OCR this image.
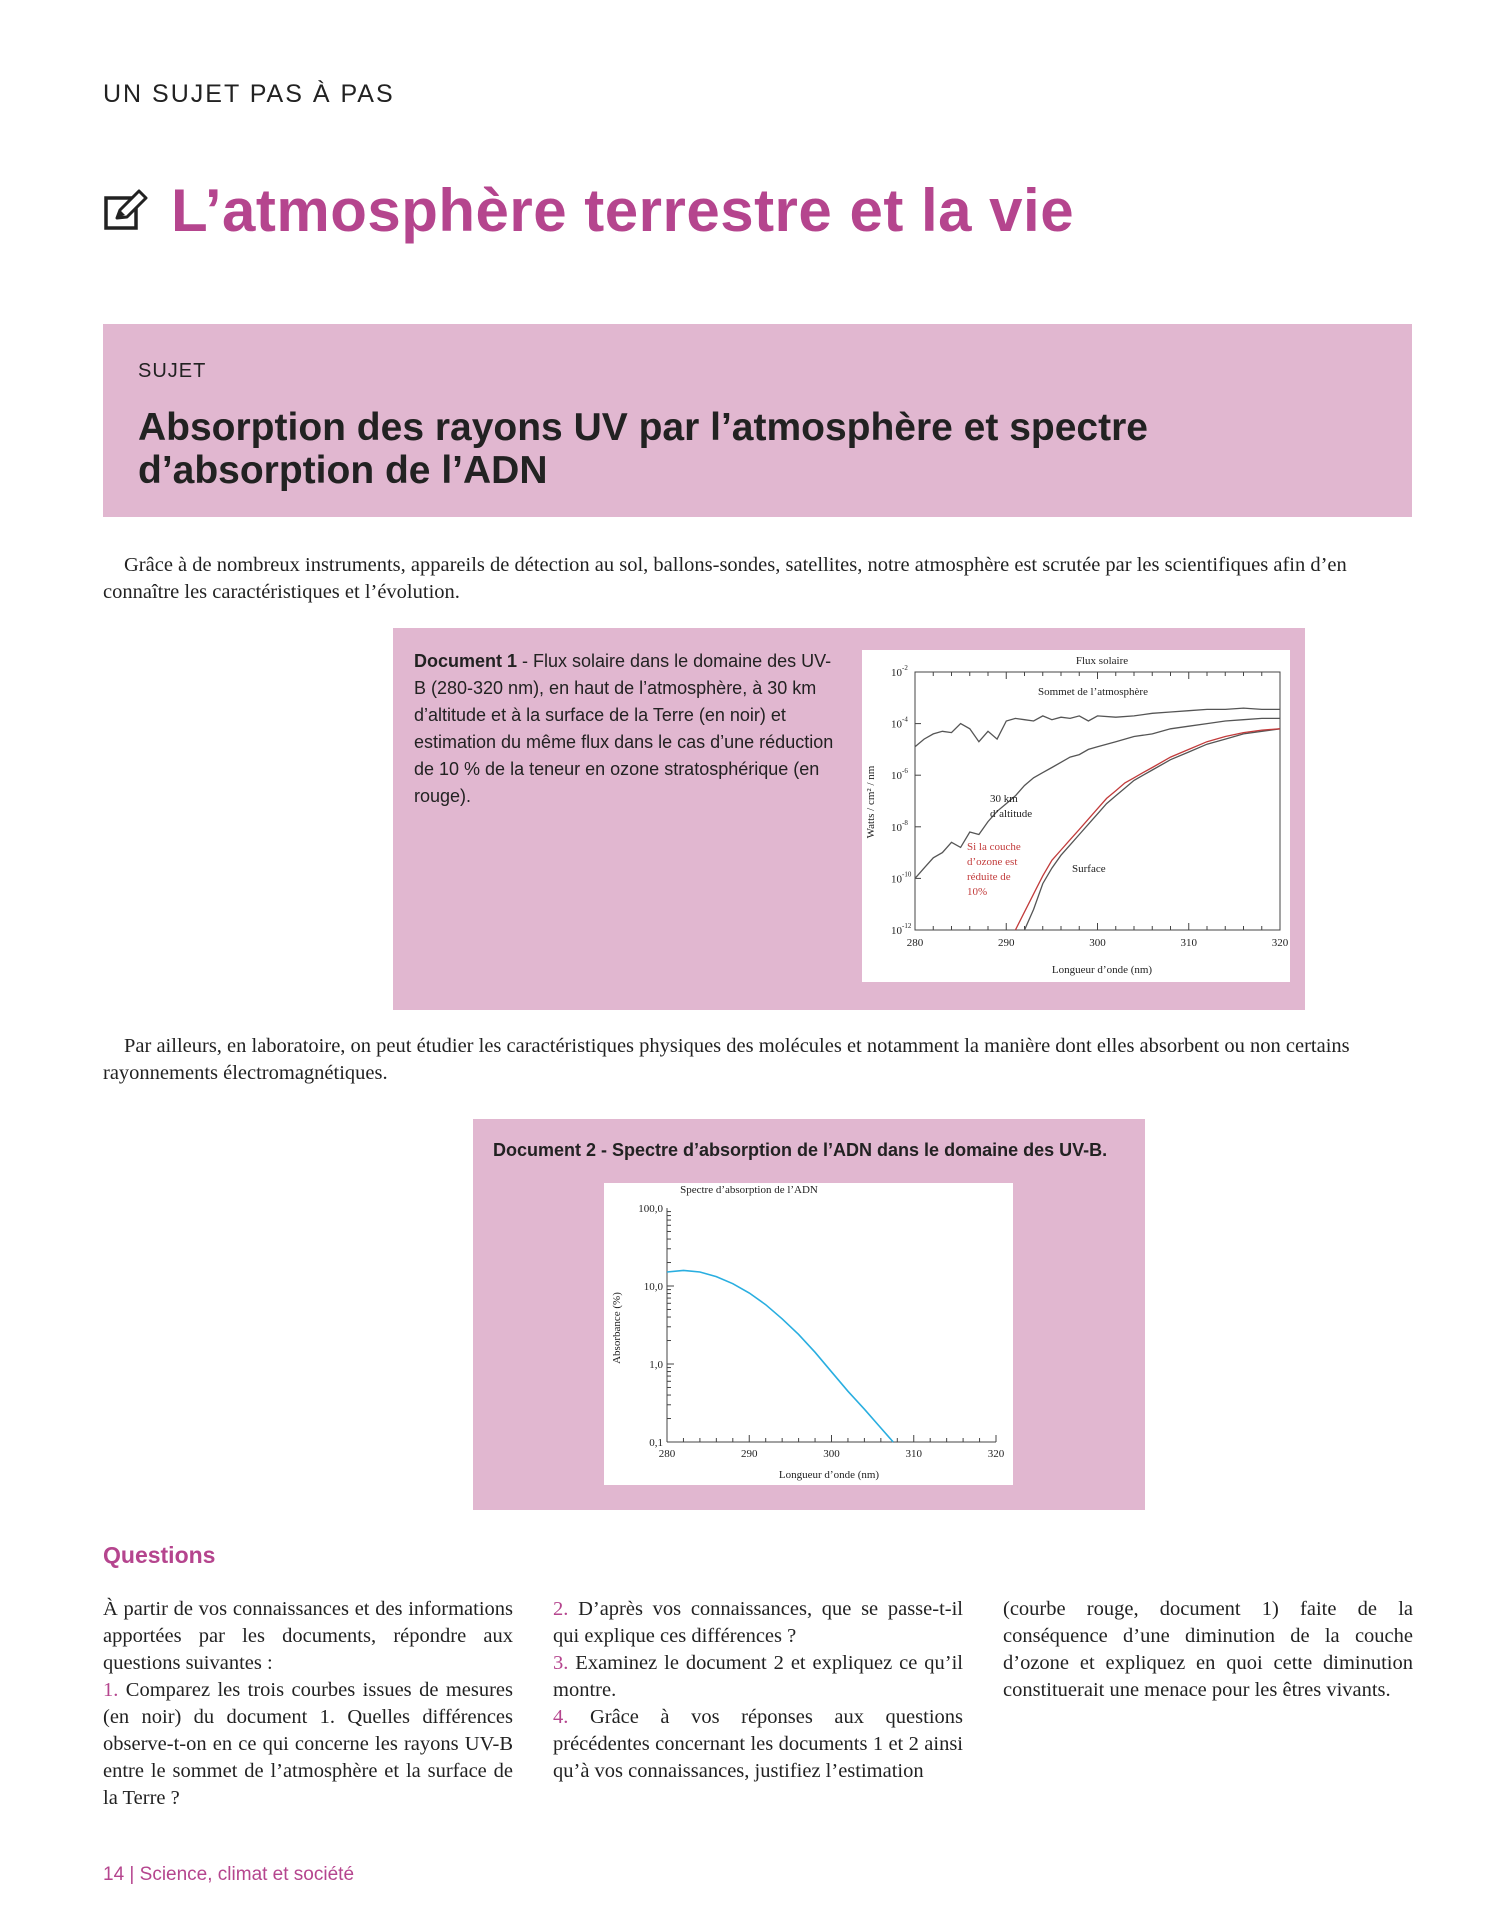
UN SUJET PAS À PAS
L’atmosphère terrestre et la vie
SUJET
Absorption des rayons UV par l’atmosphère et spectre d’absorption de l’ADN
Grâce à de nombreux instruments, appareils de détection au sol, ballons-sondes, satellites, notre atmosphère est scrutée par les scientifiques afin d’en connaître les caractéristiques et l’évolution.
Document 1 - Flux solaire dans le domaine des UV-B (280-320 nm), en haut de l’atmosphère, à 30 km d’altitude et à la surface de la Terre (en noir) et estimation du même flux dans le cas d’une réduction de 10 % de la teneur en ozone stratosphérique (en rouge).
280	290	300	310	320
$10^{-2}$
$10^{-4}$
$10^{-6}$
$10^{-8}$
$10^{-10}$
$10^{-12}$
Flux solaire
Longueur d’onde (nm)
Watts / cm² / nm
Sommet de l’atmosphère
30 km
d’altitude
Si la couche
d’ozone est
réduite de
10%
Surface
Par ailleurs, en laboratoire, on peut étudier les caractéristiques physiques des molécules et notamment la manière dont elles absorbent ou non certains rayonnements électromagnétiques.
Document 2 - Spectre d’absorption de l’ADN dans le domaine des UV-B.
280	290	300	310	320
100,0
10,0
1,0
0,1
Spectre d’absorption de l’ADN
Longueur d’onde (nm)
Absorbance (%)
Questions
À partir de vos connaissances et des informations apportées par les documents, répondre aux questions suivantes :
1. Comparez les trois courbes issues de mesures (en noir) du document 1. Quelles différences observe-t-on en ce qui concerne les rayons UV-B entre le sommet de l’atmosphère et la surface de la Terre ?
2. D’après vos connaissances, que se passe-t-il qui explique ces différences ?
3. Examinez le document 2 et expliquez ce qu’il montre.
4. Grâce à vos réponses aux questions précédentes concernant les documents 1 et 2 ainsi qu’à vos connaissances, justifiez l’estimation
(courbe rouge, document 1) faite de la conséquence d’une diminution de la couche d’ozone et expliquez en quoi cette diminution constituerait une menace pour les êtres vivants.
14 | Science, climat et société
